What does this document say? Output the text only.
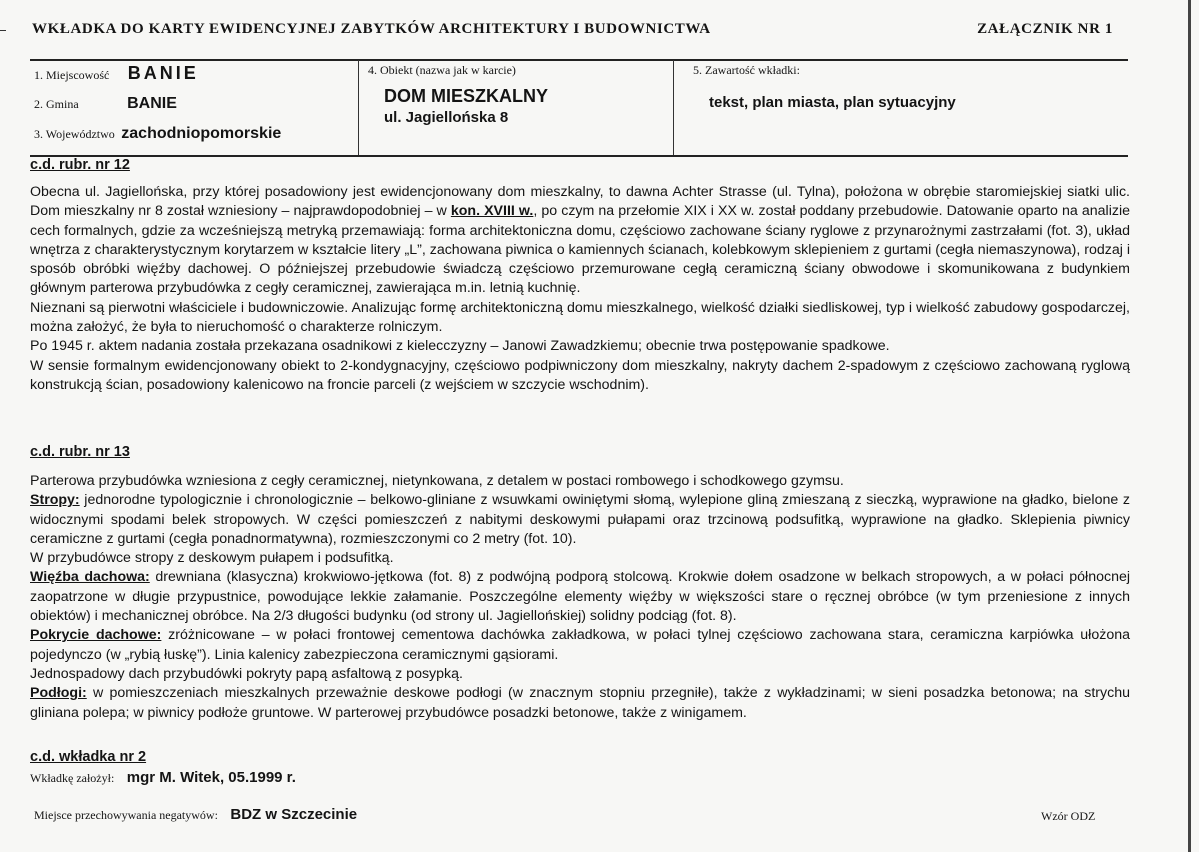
WKŁADKA DO KARTY EWIDENCYJNEJ ZABYTKÓW ARCHITEKTURY I BUDOWNICTWA	ZAŁĄCZNIK NR 1
1. Miejscowość BANIE
2. Gmina	BANIE
3. Województwo zachodniopomorskie
4. Obiekt (nazwa jak w karcie)
DOM MIESZKALNY
ul. Jagiellońska 8
5. Zawartość wkładki:
tekst, plan miasta, plan sytuacyjny
c.d. rubr. nr 12

Obecna ul. Jagiellońska, przy której posadowiony jest ewidencjonowany dom mieszkalny, to dawna Achter Strasse (ul. Tylna), położona w obrębie staromiejskiej siatki ulic. Dom mieszkalny nr 8 został wzniesiony – najprawdopodobniej – w kon. XVIII w., po czym na przełomie XIX i XX w. został poddany przebudowie. Datowanie oparto na analizie cech formalnych, gdzie za wcześniejszą metryką przemawiają: forma architektoniczna domu, częściowo zachowane ściany ryglowe z przynarożnymi zastrzałami (fot. 3), układ wnętrza z charakterystycznym korytarzem w kształcie litery „L”, zachowana piwnica o kamiennych ścianach, kolebkowym sklepieniem z gurtami (cegła niemaszynowa), rodzaj i sposób obróbki więźby dachowej. O późniejszej przebudowie świadczą częściowo przemurowane cegłą ceramiczną ściany obwodowe i skomunikowana z budynkiem głównym parterowa przybudówka z cegły ceramicznej, zawierająca m.in. letnią kuchnię.

Nieznani są pierwotni właściciele i budowniczowie. Analizując formę architektoniczną domu mieszkalnego, wielkość działki siedliskowej, typ i wielkość zabudowy gospodarczej, można założyć, że była to nieruchomość o charakterze rolniczym.

Po 1945 r. aktem nadania została przekazana osadnikowi z kielecczyzny – Janowi Zawadzkiemu; obecnie trwa postępowanie spadkowe.

W sensie formalnym ewidencjonowany obiekt to 2-kondygnacyjny, częściowo podpiwniczony dom mieszkalny, nakryty dachem 2-spadowym z częściowo zachowaną ryglową konstrukcją ścian, posadowiony kalenicowo na froncie parceli (z wejściem w szczycie wschodnim).

c.d. rubr. nr 13

Parterowa przybudówka wzniesiona z cegły ceramicznej, nietynkowana, z detalem w postaci rombowego i schodkowego gzymsu.

Stropy: jednorodne typologicznie i chronologicznie – belkowo-gliniane z wsuwkami owiniętymi słomą, wylepione gliną zmieszaną z sieczką, wyprawione na gładko, bielone z widocznymi spodami belek stropowych. W części pomieszczeń z nabitymi deskowymi pułapami oraz trzcinową podsufitką, wyprawione na gładko. Sklepienia piwnicy ceramiczne z gurtami (cegła ponadnormatywna), rozmieszczonymi co 2 metry (fot. 10).

W przybudówce stropy z deskowym pułapem i podsufitką.

Więźba dachowa: drewniana (klasyczna) krokwiowo-jętkowa (fot. 8) z podwójną podporą stolcową. Krokwie dołem osadzone w belkach stropowych, a w połaci północnej zaopatrzone w długie przypustnice, powodujące lekkie załamanie. Poszczególne elementy więźby w większości stare o ręcznej obróbce (w tym przeniesione z innych obiektów) i mechanicznej obróbce. Na 2/3 długości budynku (od strony ul. Jagiellońskiej) solidny podciąg (fot. 8).

Pokrycie dachowe: zróżnicowane – w połaci frontowej cementowa dachówka zakładkowa, w połaci tylnej częściowo zachowana stara, ceramiczna karpiówka ułożona pojedynczo (w „rybią łuskę”). Linia kalenicy zabezpieczona ceramicznymi gąsiorami.

Jednospadowy dach przybudówki pokryty papą asfaltową z posypką.

Podłogi: w pomieszczeniach mieszkalnych przeważnie deskowe podłogi (w znacznym stopniu przegniłe), także z wykładzinami; w sieni posadzka betonowa; na strychu gliniana polepa; w piwnicy podłoże gruntowe. W parterowej przybudówce posadzki betonowe, także z winigamem.

c.d. wkładka nr 2
Wkładkę założył: mgr M. Witek, 05.1999 r.
Miejsce przechowywania negatywów: BDZ w Szczecinie	Wzór ODZ
